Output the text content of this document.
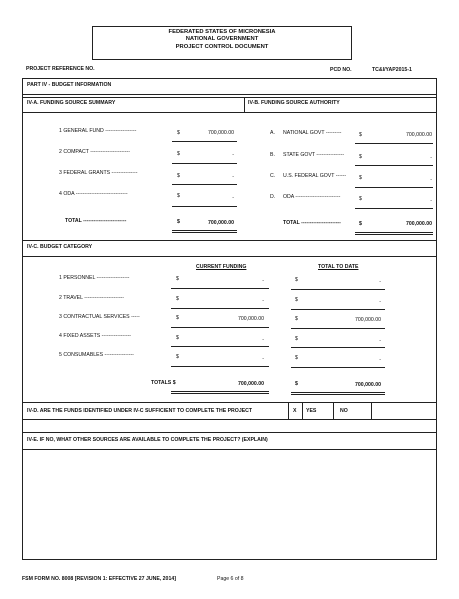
FEDERATED STATES OF MICRONESIA
NATIONAL GOVERNMENT
PROJECT CONTROL DOCUMENT
PROJECT REFERENCE NO.	PCD NO.	TC&I/YAP2015-1
PART IV - BUDGET INFORMATION
IV-A. FUNDING SOURCE SUMMARY	IV-B. FUNDING SOURCE AUTHORITY
1 GENERAL FUND ------------------	$	700,000.00
2 COMPACT -----------------------	$	-
3 FEDERAL GRANTS ---------------	$	-
4 ODA ------------------------------	$	-
TOTAL -------------------------	$	700,000.00
A. NATIONAL GOVT ---------	$	700,000.00
B. STATE GOVT ----------------	$	-
C. U.S. FEDERAL GOVT ------ $	-
D. ODA --------------------------	$	-
TOTAL -----------------------	$	700,000.00
IV-C. BUDGET CATEGORY
CURRENT FUNDING	TOTAL TO DATE
1 PERSONNEL -------------------	$	-	$	-
2 TRAVEL -----------------------	$	-	$	-
3 CONTRACTUAL SERVICES -----	$	700,000.00	$	700,000.00
4 FIXED ASSETS -----------------	$	-	$	-
5 CONSUMABLES -----------------	$	-	$	-
TOTALS $	700,000.00	$	700,000.00
IV-D. ARE THE FUNDS IDENTIFIED UNDER IV-C SUFFICIENT TO COMPLETE THE PROJECT	X YES	NO
IV-E. IF NO, WHAT OTHER SOURCES ARE AVAILABLE TO COMPLETE THE PROJECT? (EXPLAIN)
FSM FORM NO. 8008 [REVISION 1: EFFECTIVE 27 JUNE, 2014]	Page 6 of 8
